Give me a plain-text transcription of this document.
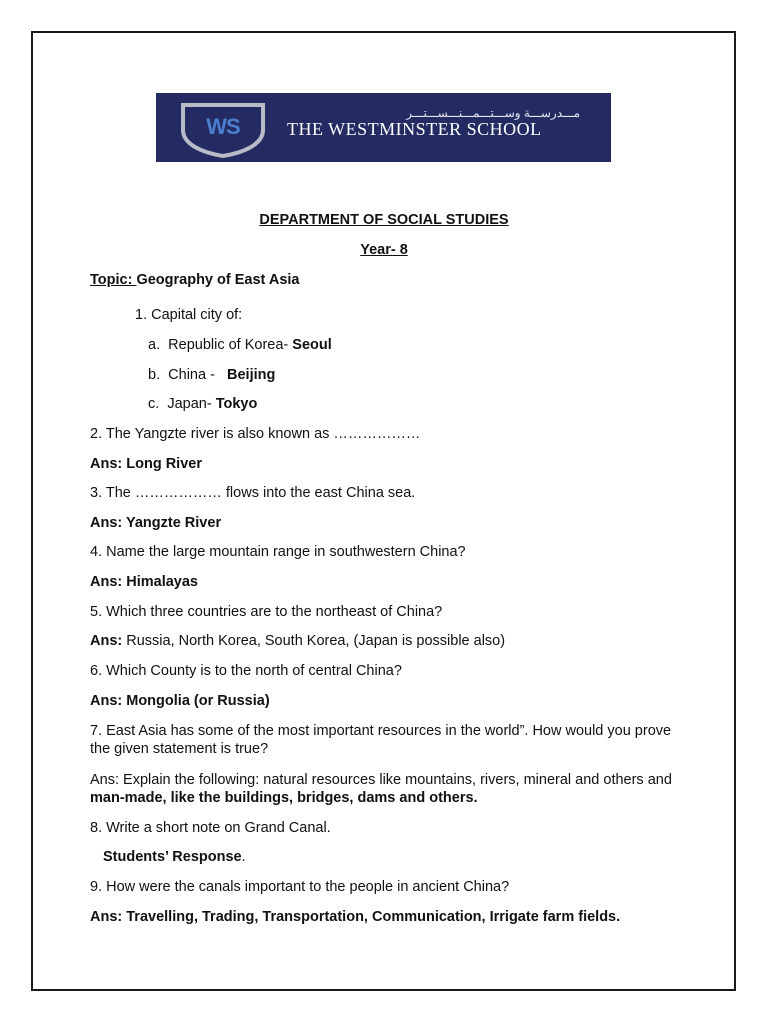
WS
مـــدرســـة وســـتـــمـــنـــســـتـــر
THE WESTMINSTER SCHOOL
DEPARTMENT OF SOCIAL STUDIES
Year- 8
Topic: Geography of East Asia
1. Capital city of:
a. Republic of Korea- Seoul
b. China -   Beijing
c. Japan- Tokyo
2. The Yangzte river is also known as ………………
Ans: Long River
3. The ……………… flows into the east China sea.
Ans: Yangzte River
4. Name the large mountain range in southwestern China?
Ans: Himalayas
5. Which three countries are to the northeast of China?
Ans: Russia, North Korea, South Korea, (Japan is possible also)
6. Which County is to the north of central China?
Ans: Mongolia (or Russia)
7. East Asia has some of the most important resources in the world”. How would you prove the given statement is true?
Ans: Explain the following: natural resources like mountains, rivers, mineral and others and man-made, like the buildings, bridges, dams and others.
8. Write a short note on Grand Canal.
Students’ Response.
9. How were the canals important to the people in ancient China?
Ans: Travelling, Trading, Transportation, Communication, Irrigate farm fields.
